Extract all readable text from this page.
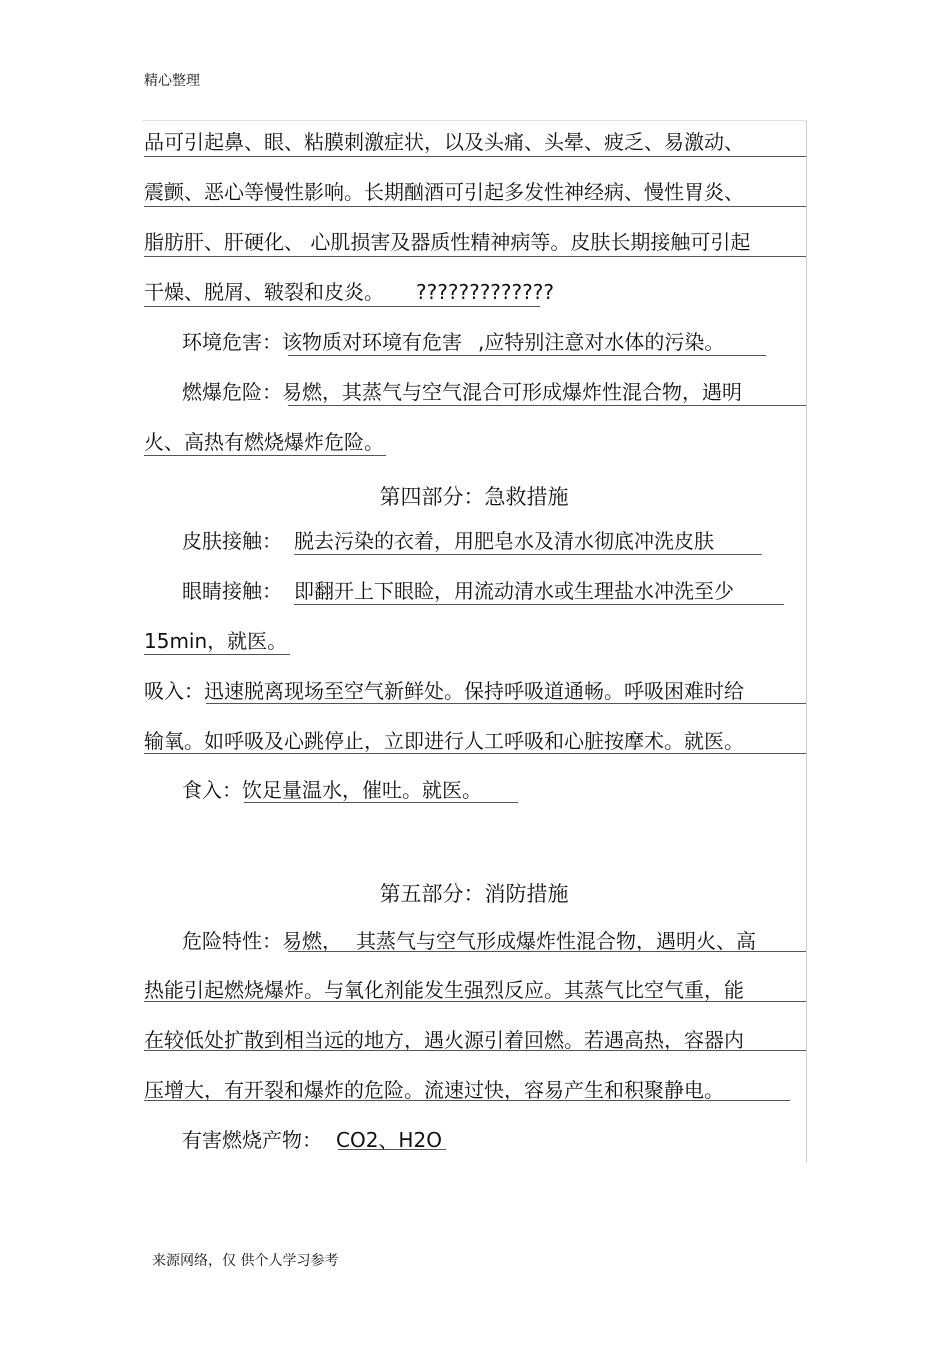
精心整理
品可引起鼻、眼、粘膜刺激症状，以及头痛、头晕、疲乏、易激动、
震颤、恶心等慢性影响。长期酗酒可引起多发性神经病、慢性胃炎、
脂肪肝、肝硬化、 心肌损害及器质性精神病等。皮肤长期接触可引起
干燥、脱屑、皲裂和皮炎。 ?????????????
环境危害：该物质对环境有危害 ,应特别注意对水体的污染。
燃爆危险：易燃，其蒸气与空气混合可形成爆炸性混合物，遇明
火、高热有燃烧爆炸危险。
第四部分：急救措施
皮肤接触： 脱去污染的衣着，用肥皂水及清水彻底冲洗皮肤
眼睛接触： 即翻开上下眼睑，用流动清水或生理盐水冲洗至少
15min，就医。
吸入：迅速脱离现场至空气新鲜处。保持呼吸道通畅。呼吸困难时给
输氧。如呼吸及心跳停止，立即进行人工呼吸和心脏按摩术。就医。
食入：饮足量温水，催吐。就医。
第五部分：消防措施
危险特性：易燃， 其蒸气与空气形成爆炸性混合物，遇明火、高
热能引起燃烧爆炸。与氧化剂能发生强烈反应。其蒸气比空气重，能
在较低处扩散到相当远的地方，遇火源引着回燃。若遇高热，容器内
压增大，有开裂和爆炸的危险。流速过快，容易产生和积聚静电。
有害燃烧产物： CO2、H2O
来源网络，仅 供个人学习参考
